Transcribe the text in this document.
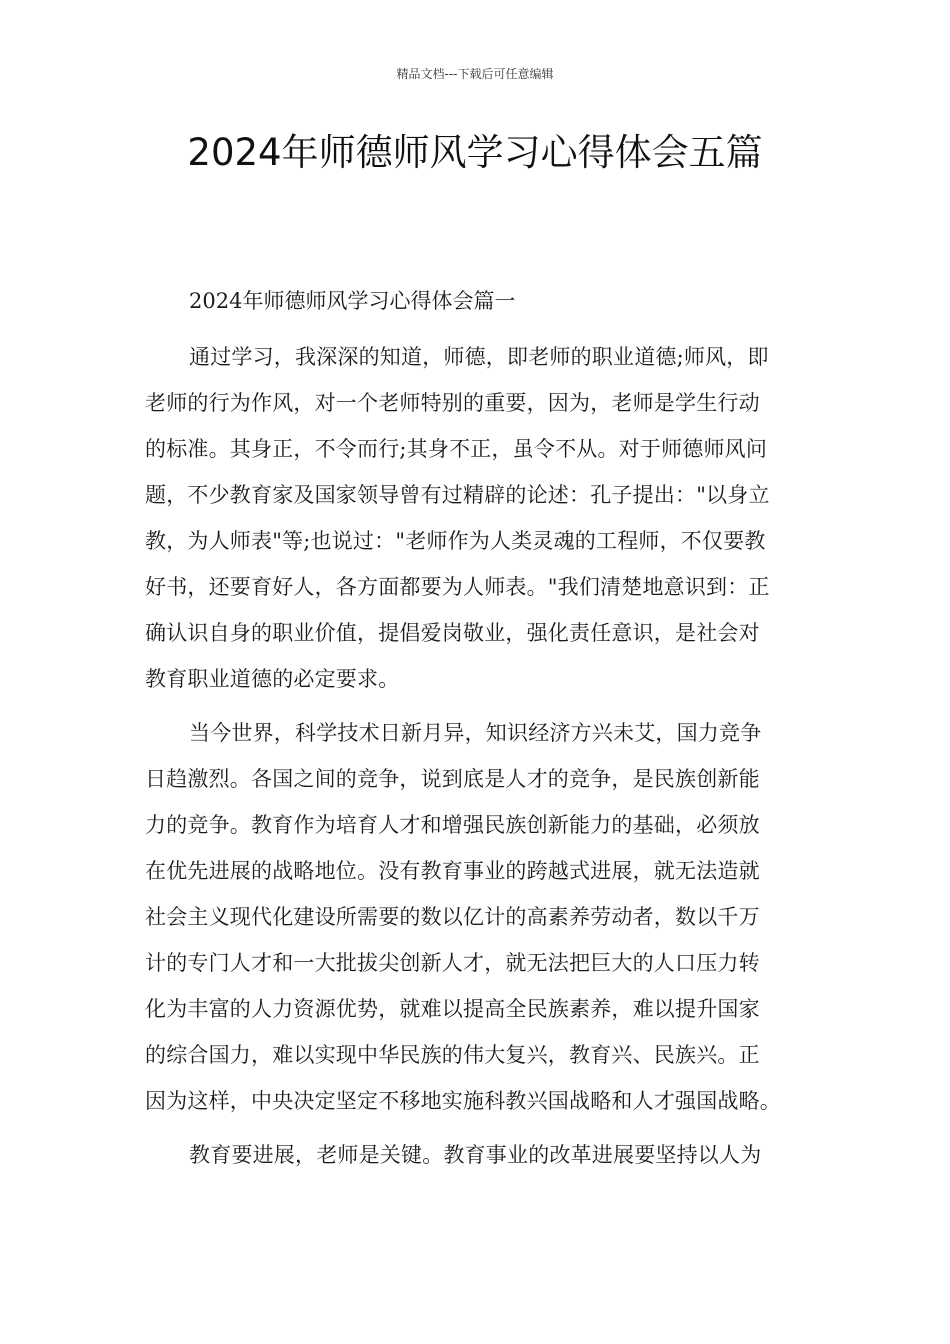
精品文档---下载后可任意编辑
2024年师德师风学习心得体会五篇
2024年师德师风学习心得体会篇一

通过学习，我深深的知道，师德，即老师的职业道德;师风，即
老师的行为作风，对一个老师特别的重要，因为，老师是学生行动
的标准。其身正，不令而行;其身不正，虽令不从。对于师德师风问
题，不少教育家及国家领导曾有过精辟的论述：孔子提出："以身立
教，为人师表"等;也说过："老师作为人类灵魂的工程师，不仅要教
好书，还要育好人，各方面都要为人师表。"我们清楚地意识到：正
确认识自身的职业价值，提倡爱岗敬业，强化责任意识，是社会对
教育职业道德的必定要求。

当今世界，科学技术日新月异，知识经济方兴未艾，国力竞争
日趋激烈。各国之间的竞争，说到底是人才的竞争，是民族创新能
力的竞争。教育作为培育人才和增强民族创新能力的基础，必须放
在优先进展的战略地位。没有教育事业的跨越式进展，就无法造就
社会主义现代化建设所需要的数以亿计的高素养劳动者，数以千万
计的专门人才和一大批拔尖创新人才，就无法把巨大的人口压力转
化为丰富的人力资源优势，就难以提高全民族素养，难以提升国家
的综合国力，难以实现中华民族的伟大复兴，教育兴、民族兴。正
因为这样，中央决定坚定不移地实施科教兴国战略和人才强国战略。

教育要进展，老师是关键。教育事业的改革进展要坚持以人为
